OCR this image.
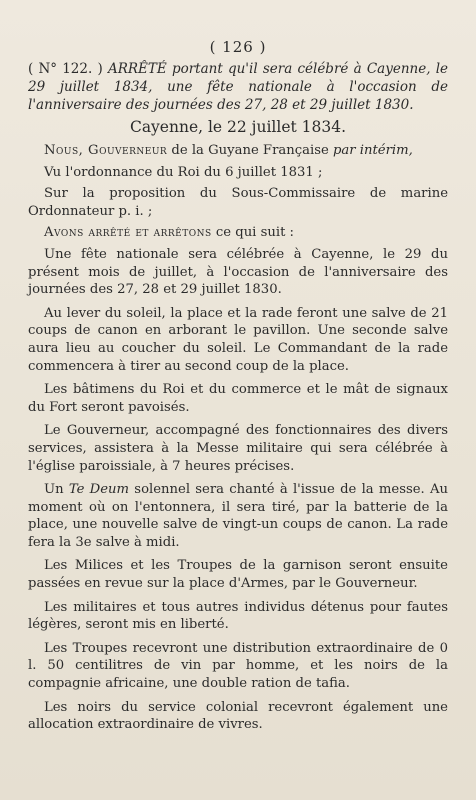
( 126 )
( N° 122. ) ARRÊTÉ portant qu'il sera célébré à Cayenne, le 29 juillet 1834, une fête nationale à l'occasion de l'anniversaire des journées des 27, 28 et 29 juillet 1830.
Cayenne, le 22 juillet 1834.

Nous, Gouverneur de la Guyane Française par intérim,

Vu l'ordonnance du Roi du 6 juillet 1831 ;

Sur la proposition du Sous-Commissaire de marine Ordonnateur p. i. ;

Avons arrêté et arrêtons ce qui suit :

Une fête nationale sera célébrée à Cayenne, le 29 du présent mois de juillet, à l'occasion de l'anniversaire des journées des 27, 28 et 29 juillet 1830.

Au lever du soleil, la place et la rade feront une salve de 21 coups de canon en arborant le pavillon. Une seconde salve aura lieu au coucher du soleil. Le Commandant de la rade commencera à tirer au second coup de la place.

Les bâtimens du Roi et du commerce et le mât de signaux du Fort seront pavoisés.

Le Gouverneur, accompagné des fonctionnaires des divers services, assistera à la Messe militaire qui sera célébrée à l'église paroissiale, à 7 heures précises.

Un Te Deum solennel sera chanté à l'issue de la messe. Au moment où on l'entonnera, il sera tiré, par la batterie de la place, une nouvelle salve de vingt-un coups de canon. La rade fera la 3e salve à midi.

Les Milices et les Troupes de la garnison seront ensuite passées en revue sur la place d'Armes, par le Gouverneur.

Les militaires et tous autres individus détenus pour fautes légères, seront mis en liberté.

Les Troupes recevront une distribution extraordinaire de 0 l. 50 centilitres de vin par homme, et les noirs de la compagnie africaine, une double ration de tafia.

Les noirs du service colonial recevront également une allocation extraordinaire de vivres.
